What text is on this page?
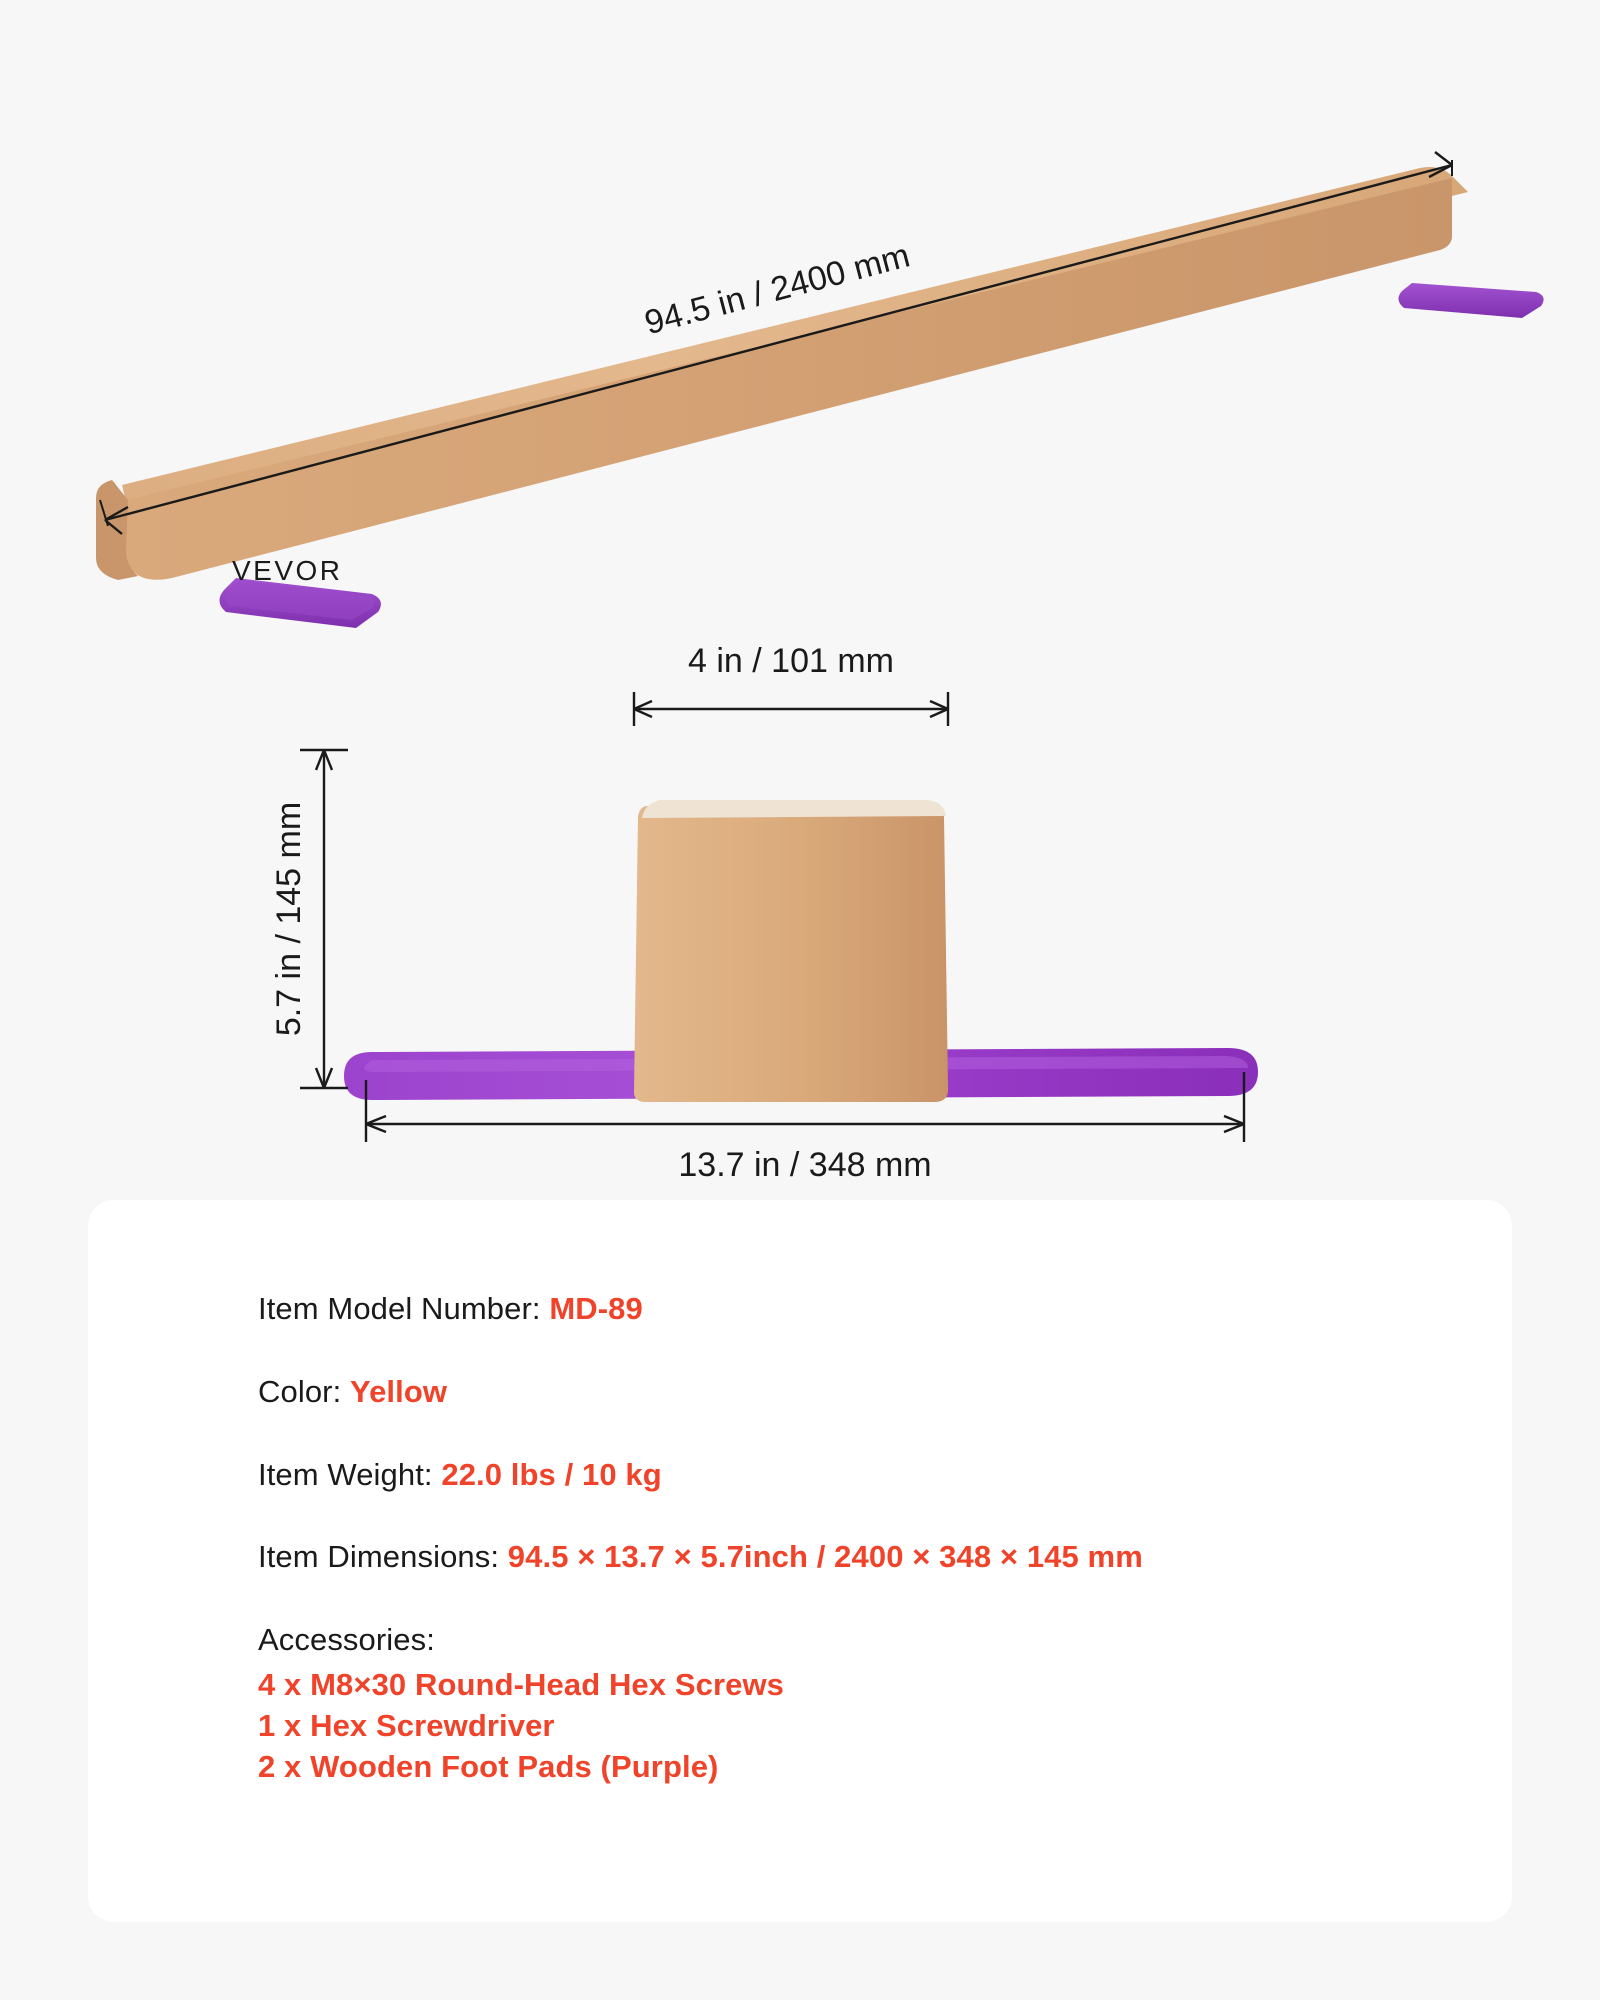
VEVOR
94.5 in / 2400 mm
4 in / 101 mm
5.7 in / 145 mm
13.7 in / 348 mm
Item Model Number: MD-89
Color: Yellow
Item Weight: 22.0 lbs / 10 kg
Item Dimensions: 94.5 × 13.7 × 5.7inch / 2400 × 348 × 145 mm
Accessories:
4 x M8×30 Round-Head Hex Screws
1 x Hex Screwdriver
2 x Wooden Foot Pads (Purple)
